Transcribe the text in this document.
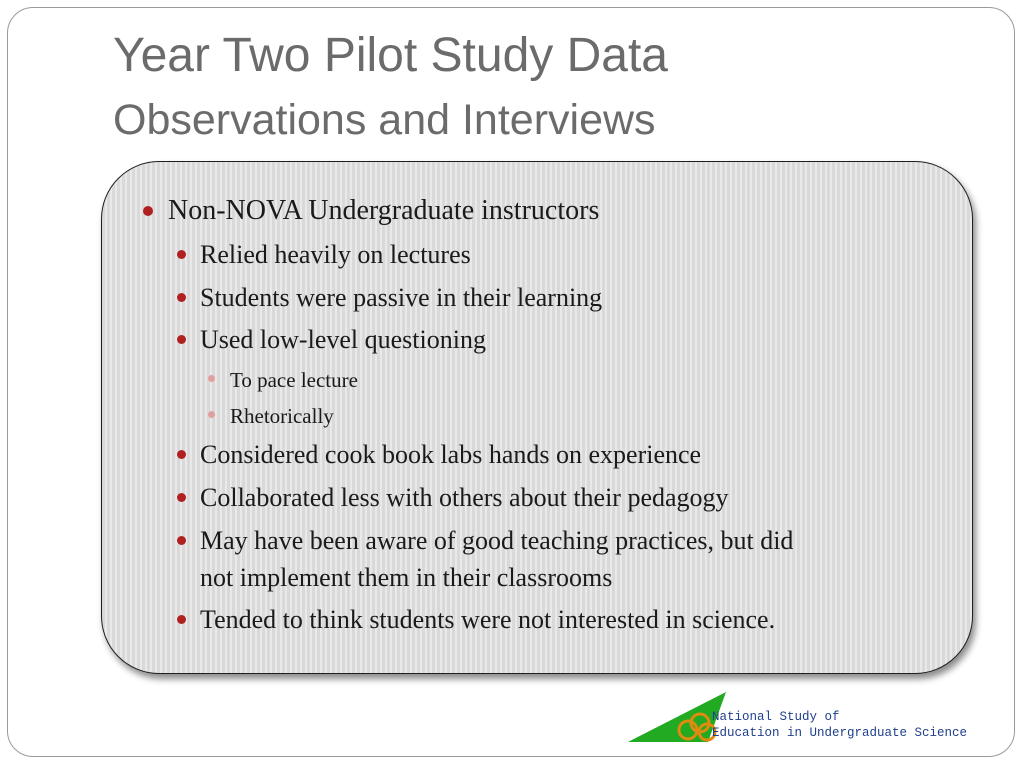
Year Two Pilot Study Data
Observations and Interviews
Non-NOVA Undergraduate instructors
Relied heavily on lectures
Students were passive in their learning
Used low-level questioning
To pace lecture
Rhetorically
Considered cook book labs hands on experience
Collaborated less with others about their pedagogy
May have been aware of good teaching practices, but did
not implement them in their classrooms
Tended to think students were not interested in science.
National Study of
Education in Undergraduate Science
